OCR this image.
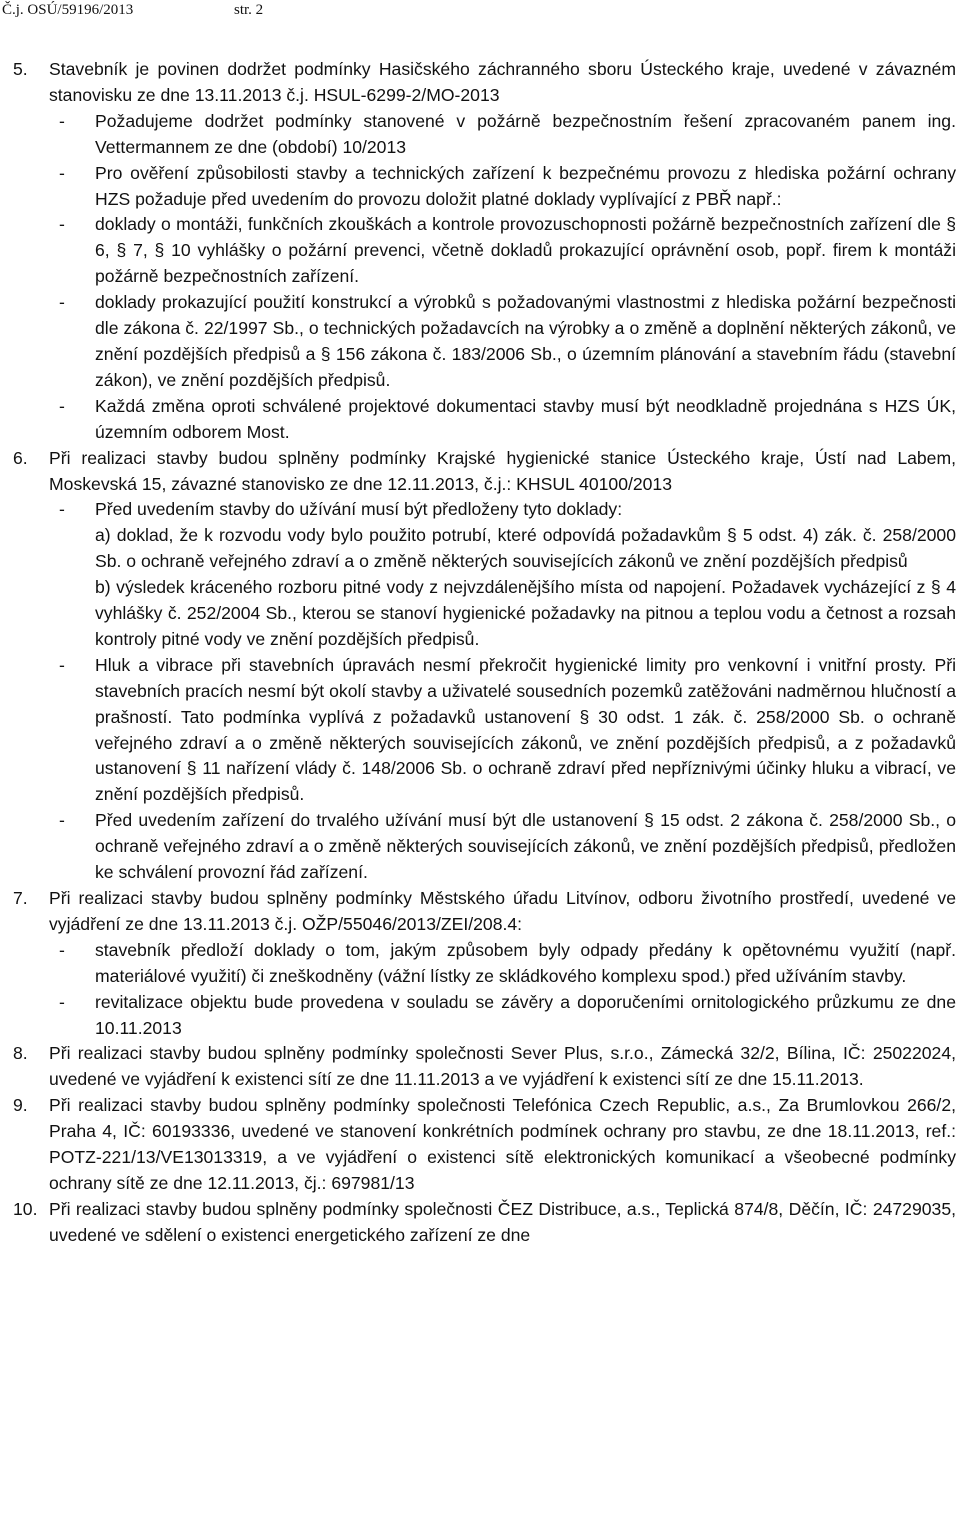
Č.j. OSÚ/59196/2013	str. 2
5. Stavebník je povinen dodržet podmínky Hasičského záchranného sboru Ústeckého kraje, uvedené v závazném stanovisku ze dne 13.11.2013 č.j. HSUL-6299-2/MO-2013
- Požadujeme dodržet podmínky stanovené v požárně bezpečnostním řešení zpracovaném panem ing. Vettermannem ze dne (období) 10/2013
- Pro ověření způsobilosti stavby a technických zařízení k bezpečnému provozu z hlediska požární ochrany HZS požaduje před uvedením do provozu doložit platné doklady vyplívající z PBŘ např.:
- doklady o montáži, funkčních zkouškách a kontrole provozuschopnosti požárně bezpečnostních zařízení dle § 6, § 7, § 10 vyhlášky o požární prevenci, včetně dokladů prokazující oprávnění osob, popř. firem k montáži požárně bezpečnostních zařízení.
- doklady prokazující použití konstrukcí a výrobků s požadovanými vlastnostmi z hlediska požární bezpečnosti dle zákona č. 22/1997 Sb., o technických požadavcích na výrobky a o změně a doplnění některých zákonů, ve znění pozdějších předpisů a § 156 zákona č. 183/2006 Sb., o územním plánování a stavebním řádu (stavební zákon), ve znění pozdějších předpisů.
- Každá změna oproti schválené projektové dokumentaci stavby musí být neodkladně projednána s HZS ÚK, územním odborem Most.
6. Při realizaci stavby budou splněny podmínky Krajské hygienické stanice Ústeckého kraje, Ústí nad Labem, Moskevská 15, závazné stanovisko ze dne 12.11.2013, č.j.: KHSUL 40100/2013
- Před uvedením stavby do užívání musí být předloženy tyto doklady:
a) doklad, že k rozvodu vody bylo použito potrubí, které odpovídá požadavkům § 5 odst. 4) zák. č. 258/2000 Sb. o ochraně veřejného zdraví a o změně některých souvisejících zákonů ve znění pozdějších předpisů
b) výsledek kráceného rozboru pitné vody z nejvzdálenějšího místa od napojení. Požadavek vycházející z § 4 vyhlášky č. 252/2004 Sb., kterou se stanoví hygienické požadavky na pitnou a teplou vodu a četnost a rozsah kontroly pitné vody ve znění pozdějších předpisů.
- Hluk a vibrace při stavebních úpravách nesmí překročit hygienické limity pro venkovní i vnitřní prosty. Při stavebních pracích nesmí být okolí stavby a uživatelé sousedních pozemků zatěžováni nadměrnou hlučností a prašností. Tato podmínka vyplívá z požadavků ustanovení § 30 odst. 1 zák. č. 258/2000 Sb. o ochraně veřejného zdraví a o změně některých souvisejících zákonů, ve znění pozdějších předpisů, a z požadavků ustanovení § 11 nařízení vlády č. 148/2006 Sb. o ochraně zdraví před nepříznivými účinky hluku a vibrací, ve znění pozdějších předpisů.
- Před uvedením zařízení do trvalého užívání musí být dle ustanovení § 15 odst. 2 zákona č. 258/2000 Sb., o ochraně veřejného zdraví a o změně některých souvisejících zákonů, ve znění pozdějších předpisů, předložen ke schválení provozní řád zařízení.
7. Při realizaci stavby budou splněny podmínky Městského úřadu Litvínov, odboru životního prostředí, uvedené ve vyjádření ze dne 13.11.2013 č.j. OŽP/55046/2013/ZEI/208.4:
- stavebník předloží doklady o tom, jakým způsobem byly odpady předány k opětovnému využití (např. materiálové využití) či zneškodněny (vážní lístky ze skládkového komplexu spod.) před užíváním stavby.
- revitalizace objektu bude provedena v souladu se závěry a doporučeními ornitologického průzkumu ze dne 10.11.2013
8. Při realizaci stavby budou splněny podmínky společnosti Sever Plus, s.r.o., Zámecká 32/2, Bílina, IČ: 25022024, uvedené ve vyjádření k existenci sítí ze dne 11.11.2013 a ve vyjádření k existenci sítí ze dne 15.11.2013.
9. Při realizaci stavby budou splněny podmínky společnosti Telefónica Czech Republic, a.s., Za Brumlovkou 266/2, Praha 4, IČ: 60193336, uvedené ve stanovení konkrétních podmínek ochrany pro stavbu, ze dne 18.11.2013, ref.: POTZ-221/13/VE13013319, a ve vyjádření o existenci sítě elektronických komunikací a všeobecné podmínky ochrany sítě ze dne 12.11.2013, čj.: 697981/13
10. Při realizaci stavby budou splněny podmínky společnosti ČEZ Distribuce, a.s., Teplická 874/8, Děčín, IČ: 24729035, uvedené ve sdělení o existenci energetického zařízení ze dne
